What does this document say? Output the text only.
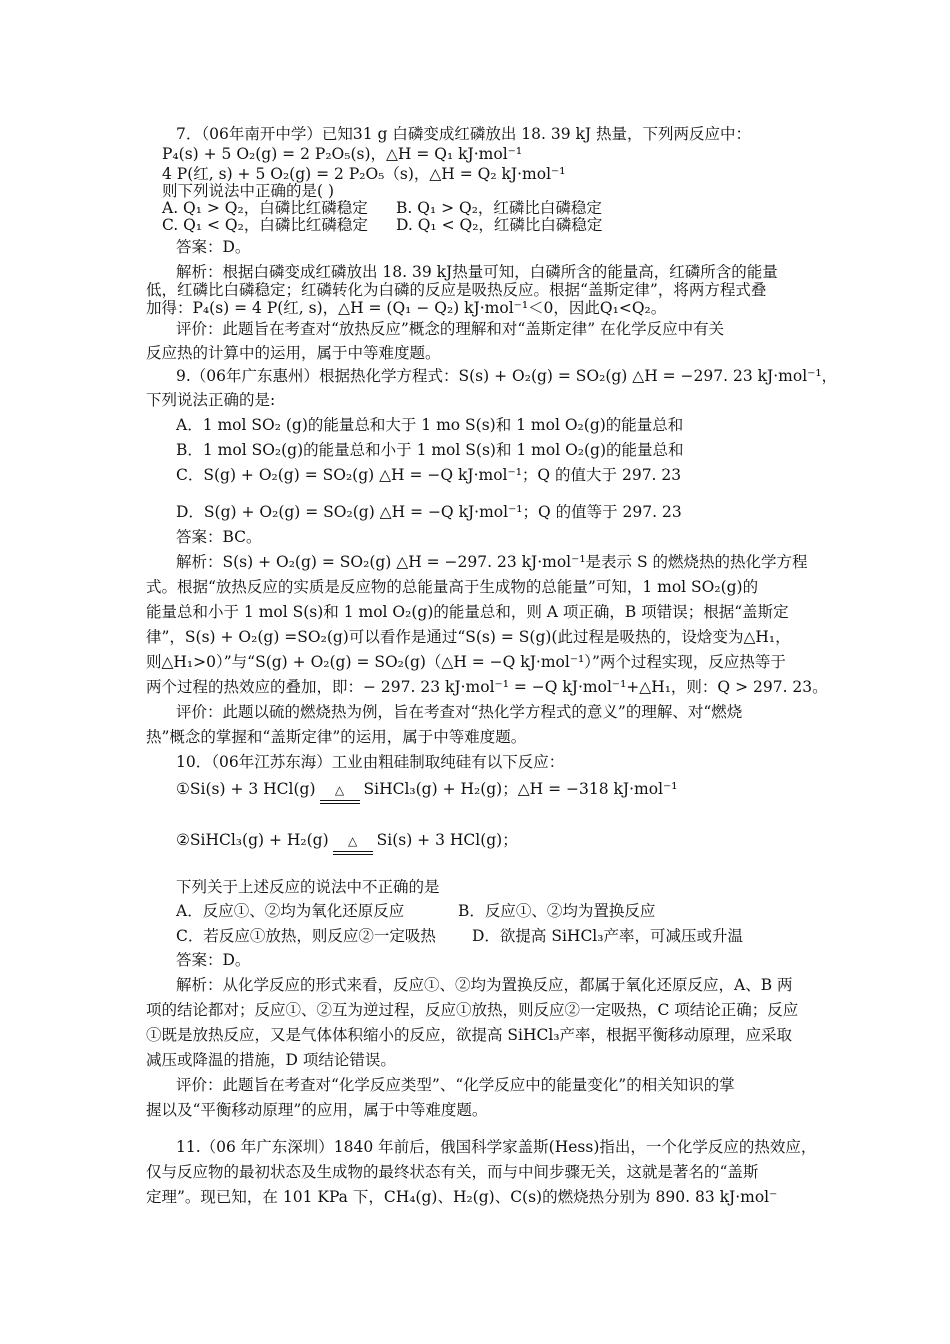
7．（06年南开中学）已知31 g 白磷变成红磷放出 18. 39 kJ 热量，下列两反应中：
P₄(s) + 5 O₂(g) = 2 P₂O₅(s)，△H = Q₁ kJ·mol⁻¹
4 P(红, s) + 5 O₂(g) = 2 P₂O₅（s)，△H = Q₂ kJ·mol⁻¹
则下列说法中正确的是( )
A. Q₁ > Q₂，白磷比红磷稳定	B. Q₁ > Q₂，红磷比白磷稳定
C. Q₁ < Q₂，白磷比红磷稳定	D. Q₁ < Q₂，红磷比白磷稳定
答案：D。
解析：根据白磷变成红磷放出 18. 39 kJ热量可知，白磷所含的能量高，红磷所含的能量
低，红磷比白磷稳定；红磷转化为白磷的反应是吸热反应。根据“盖斯定律”，将两方程式叠
加得：P₄(s) = 4 P(红, s)，△H = (Q₁ − Q₂) kJ·mol⁻¹＜0，因此Q₁<Q₂。
评价：此题旨在考查对“放热反应”概念的理解和对“盖斯定律” 在化学反应中有关
反应热的计算中的运用，属于中等难度题。
9.（06年广东惠州）根据热化学方程式：S(s) + O₂(g) = SO₂(g) △H = −297. 23 kJ·mol⁻¹，
下列说法正确的是:
A．1 mol SO₂ (g)的能量总和大于 1 mo S(s)和 1 mol O₂(g)的能量总和
B．1 mol SO₂(g)的能量总和小于 1 mol S(s)和 1 mol O₂(g)的能量总和
C．S(g) + O₂(g) = SO₂(g) △H = −Q kJ·mol⁻¹；Q 的值大于 297. 23
D．S(g) + O₂(g) = SO₂(g) △H = −Q kJ·mol⁻¹；Q 的值等于 297. 23
答案：BC。
解析：S(s) + O₂(g) = SO₂(g) △H = −297. 23 kJ·mol⁻¹是表示 S 的燃烧热的热化学方程
式。根据“放热反应的实质是反应物的总能量高于生成物的总能量”可知，1 mol SO₂(g)的
能量总和小于 1 mol S(s)和 1 mol O₂(g)的能量总和，则 A 项正确，B 项错误；根据“盖斯定
律”，S(s) + O₂(g) =SO₂(g)可以看作是通过“S(s) = S(g)(此过程是吸热的，设焓变为△H₁，
则△H₁>0）”与“S(g) + O₂(g) = SO₂(g)（△H = −Q kJ·mol⁻¹）”两个过程实现，反应热等于
两个过程的热效应的叠加，即：− 297. 23 kJ·mol⁻¹ = −Q kJ·mol⁻¹+△H₁，则：Q > 297. 23。
评价：此题以硫的燃烧热为例，旨在考查对“热化学方程式的意义”的理解、对“燃烧
热”概念的掌握和“盖斯定律”的运用，属于中等难度题。
10．（06年江苏东海）工业由粗硅制取纯硅有以下反应：
①Si(s) + 3 HCl(g) △ SiHCl₃(g) + H₂(g)；△H = −318 kJ·mol⁻¹
②SiHCl₃(g) + H₂(g) △ Si(s) + 3 HCl(g)；
下列关于上述反应的说法中不正确的是
A．反应①、②均为氧化还原反应	B．反应①、②均为置换反应
C．若反应①放热，则反应②一定吸热	D．欲提高 SiHCl₃产率，可减压或升温
答案：D。
解析：从化学反应的形式来看，反应①、②均为置换反应，都属于氧化还原反应，A、B 两
项的结论都对；反应①、②互为逆过程，反应①放热，则反应②一定吸热，C 项结论正确；反应
①既是放热反应，又是气体体积缩小的反应，欲提高 SiHCl₃产率，根据平衡移动原理，应采取
减压或降温的措施，D 项结论错误。
评价：此题旨在考查对“化学反应类型”、“化学反应中的能量变化”的相关知识的掌
握以及“平衡移动原理”的应用，属于中等难度题。
11.（06 年广东深圳）1840 年前后，俄国科学家盖斯(Hess)指出，一个化学反应的热效应，
仅与反应物的最初状态及生成物的最终状态有关，而与中间步骤无关，这就是著名的“盖斯
定理”。现已知，在 101 KPa 下，CH₄(g)、H₂(g)、C(s)的燃烧热分别为 890. 83 kJ·mol⁻
